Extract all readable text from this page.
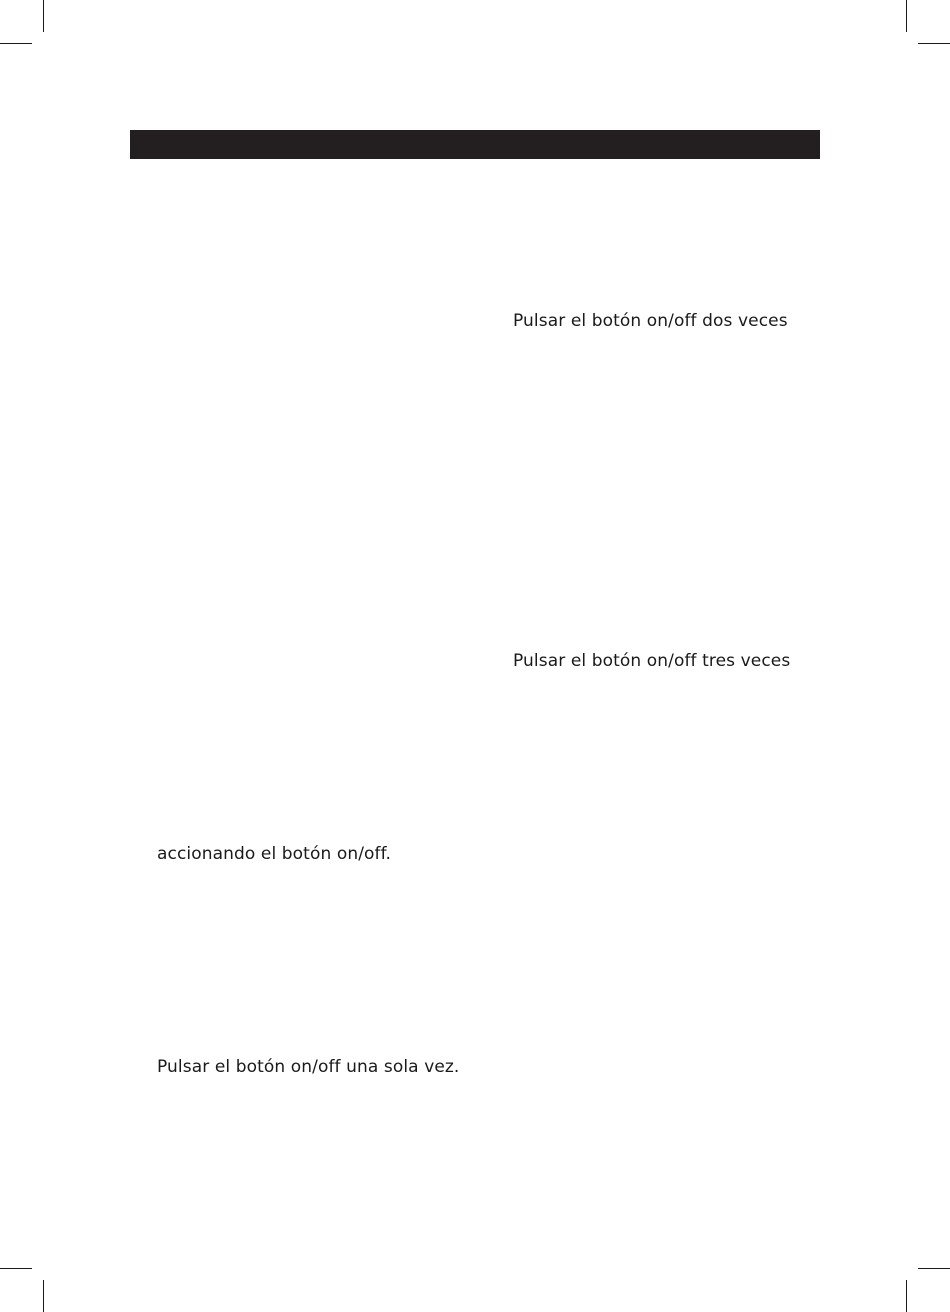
Pulsar el botón on/off dos veces

Pulsar el botón on/off tres veces

accionando el botón on/off.

Pulsar el botón on/off una sola vez.
